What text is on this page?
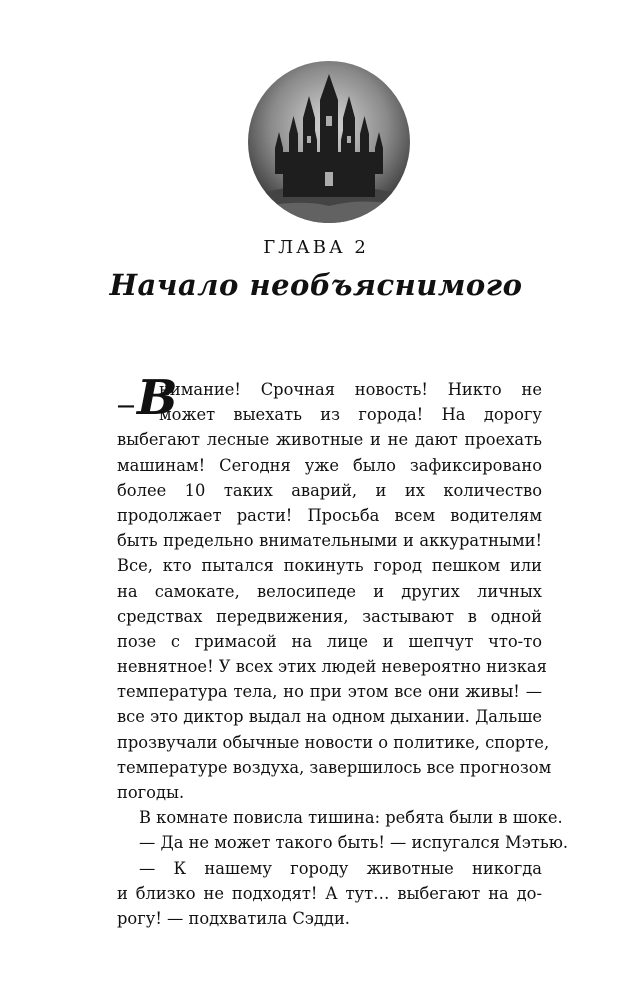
ГЛАВА 2
Начало необъяснимого
— В
нимание! Срочная новость! Никто не
может выехать из города! На дорогу
выбегают лесные животные и не дают проехать
машинам! Сегодня уже было зафиксировано
более 10 таких аварий, и их количество
продолжает расти! Просьба всем водителям
быть предельно внимательными и аккуратными!
Все, кто пытался покинуть город пешком или
на самокате, велосипеде и других личных
средствах передвижения, застывают в одной
позе с гримасой на лице и шепчут что-то
невнятное! У всех этих людей невероятно низкая
температура тела, но при этом все они живы! —
все это диктор выдал на одном дыхании. Дальше
прозвучали обычные новости о политике, спорте,
температуре воздуха, завершилось все прогнозом
погоды.
В комнате повисла тишина: ребята были в шоке.
— Да не может такого быть! — испугался Мэтью.
— К нашему городу животные никогда
и близко не подходят! А тут… выбегают на до-
рогу! — подхватила Сэдди.
